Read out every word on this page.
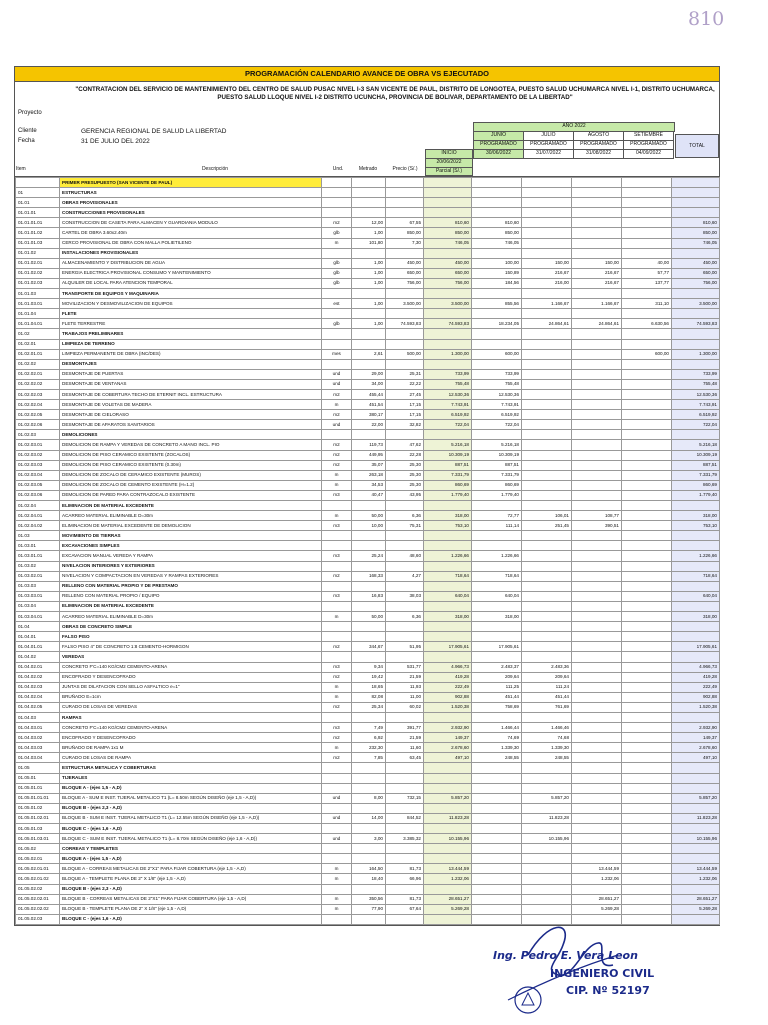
810
PROGRAMACIÓN CALENDARIO AVANCE DE OBRA VS EJECUTADO
Proyecto
"CONTRATACION DEL SERVICIO DE MANTENIMIENTO DEL CENTRO DE SALUD PUSAC NIVEL I-3 SAN VICENTE DE PAUL, DISTRITO DE LONGOTEA, PUESTO SALUD UCHUMARCA NIVEL I-1, DISTRITO UCHUMARCA, PUESTO SALUD LLOQUE NIVEL I-2 DISTRITO UCUNCHA, PROVINCIA DE BOLIVAR, DEPARTAMENTO DE LA LIBERTAD"
Cliente	GERENCIA REGIONAL DE SALUD LA LIBERTAD
Fecha	31 DE JULIO DEL 2022
AÑO 2022
JUNIO	JULIO	AGOSTO	SETIEMBRE
PROGRAMADO	PROGRAMADO	PROGRAMADO	PROGRAMADO	TOTAL
INICIO	30/06/2022	31/07/2022	31/08/2022	04/09/2022
20/06/2022
Item	Descripción	Und.	Metrado	Precio (S/.)	Parcial (S/.)
	PRIMER PRESUPUESTO (SAN VICENTE DE PAUL)									
01	ESTRUCTURAS									
01.01	OBRAS PROVISIONALES									
01.01.01	CONSTRUCCIONES PROVISIONALES									
01.01.01.01	CONSTRUCCION DE CASETA PARA ALMACEN Y GUARDIANIA MODULO	m2	12,00	67,55	810,60	810,60				810,60
01.01.01.02	CARTEL DE OBRA 3.60x2.40m	glb	1,00	850,00	850,00	850,00				850,00
01.01.01.03	CERCO PROVISIONAL DE OBRA CON MALLA POLIETILENO	m	101,80	7,30	746,05	746,05				746,05
01.01.02	INSTALACIONES PROVISIONALES									
01.01.02.01	ALMACENAMIENTO Y DISTRIBUCION DE AGUA	glb	1,00	450,00	450,00	100,00	150,00	150,00	40,00	450,00
01.01.02.02	ENERGIA ELECTRICA PROVISIONAL CONSUMO Y MANTENIMIENTO	glb	1,00	650,00	650,00	150,89	216,67	216,67	57,77	650,00
01.01.02.03	ALQUILER DE LOCAL PARA ATENCION TEMPORAL	glb	1,00	756,00	756,00	184,56	216,00	216,67	137,77	756,00
01.01.03	TRANSPORTE DE EQUIPOS Y MAQUINARIA									
01.01.03.01	MOVILIZACION Y DESMOVILIZACION DE EQUIPOS	est	1,00	3.500,00	3.500,00	855,56	1.166,67	1.166,67	311,10	3.500,00
01.01.04	FLETE									
01.01.04.01	FLETE TERRESTRE	glb	1,00	74.593,83	74.593,83	18.234,05	24.864,61	24.864,61	6.630,56	74.593,83
01.02	TRABAJOS PRELIMINARES									
01.02.01	LIMPIEZA DE TERRENO									
01.02.01.01	LIMPIEZA PERMANENTE DE OBRA (INC/DES)	mes	2,61	500,00	1.300,00	600,00			600,00	1.300,00
01.02.02	DESMONTAJES									
01.02.02.01	DESMONTAJE DE PUERTAS	und	29,00	25,31	733,99	733,99				733,99
01.02.02.02	DESMONTAJE DE VENTANAS	und	34,00	22,22	755,48	755,48				755,48
01.02.02.03	DESMONTAJE DE COBERTURA TECHO DE ETERNIT INCL. ESTRUCTURA	m2	455,44	27,45	12.530,36	12.530,36				12.530,36
01.02.02.04	DESMONTAJE DE VOLETAS DE MADERA	m	451,54	17,15	7.743,91	7.743,91				7.743,91
01.02.02.05	DESMONTAJE DE CIELORASO	m2	380,17	17,15	6.519,92	6.519,92				6.519,92
01.02.02.06	DESMONTAJE DE APARATOS SANITARIOS	und	22,00	32,82	722,04	722,04				722,04
01.02.03	DEMOLICIONES									
01.02.03.01	DEMOLICION DE RAMPA Y VEREDAS DE CONCRETO A MANO INCL. PIO	m2	119,73	47,62	5.216,18	5.216,18				5.216,18
01.02.03.02	DEMOLICION DE PISO CERAMICO EXISTENTE (ZOCALOS)	m2	449,95	22,28	10.309,19	10.309,19				10.309,19
01.02.03.03	DEMOLICION DE PISO CERAMICO EXISTENTE (0.30m)	m2	35,07	25,30	887,51	887,51				887,51
01.02.03.04	DEMOLICION DE ZOCALO DE CERAMICO EXISTENTE (MUROS)	m	263,18	25,30	7.331,79	7.331,79				7.331,79
01.02.03.05	DEMOLICION DE ZOCALO DE CEMENTO EXISTENTE (H=1.2)	m	34,53	25,30	860,69	860,69				860,69
01.02.03.06	DEMOLICION DE PARED PARA CONTRAZOCALO EXISTENTE	m3	40,47	43,95	1.779,40	1.779,40				1.779,40
01.02.04	ELIMINACION DE MATERIAL EXCEDENTE									
01.02.04.01	ACARREO MATERIAL ELIMINABLE D=30m	m	50,00	6,36	318,00	72,77	106,01	108,77		318,00
01.02.04.02	ELIMINACION DE MATERIAL EXCEDENTE DE DEMOLICION	m3	10,00	75,31	753,10	111,14	251,45	390,51		753,10
01.03	MOVIMIENTO DE TIERRAS									
01.03.01	EXCAVACIONES SIMPLES									
01.03.01.01	EXCAVACION MANUAL VEREDA Y RAMPA	m3	25,24	48,60	1.226,66	1.226,66				1.226,66
01.03.02	NIVELACION INTERIORES Y EXTERIORES									
01.03.02.01	NIVELACION Y COMPACTACION EN VEREDAS Y RAMPAS EXTERIORES	m2	168,33	4,27	718,64	718,64				718,64
01.03.03	RELLENO CON MATERIAL PROPIO Y DE PRESTAMO									
01.03.03.01	RELLENO CON MATERIAL PROPIO / EQUIPO	m3	16,83	38,03	640,04	640,04				640,04
01.03.04	ELIMINACION DE MATERIAL EXCEDENTE									
01.03.04.01	ACARREO MATERIAL ELIMINABLE D=30m	m	50,00	6,36	318,00	318,00				318,00
01.04	OBRAS DE CONCRETO SIMPLE									
01.04.01	FALSO PISO									
01.04.01.01	FALSO PISO 4" DE CONCRETO 1:8 CEMENTO-HORMIGON	m2	344,67	51,95	17.905,61	17.905,61				17.905,61
01.04.02	VEREDAS									
01.04.02.01	CONCRETO F'C=140 KG/CM2 CEMENTO-ARENA	m3	9,34	531,77	4.966,73	2.483,37	2.483,36			4.966,73
01.04.02.02	ENCOFRADO Y DESENCOFRADO	m2	19,42	21,59	419,28	209,64	209,64			419,28
01.04.02.03	JUNTAS DE DILATACION CON SELLO ASFALTICO e=1"	m	18,65	11,93	222,49	111,25	111,24			222,49
01.04.02.04	BRUÑADO E=1cm	m	82,08	11,00	902,88	451,44	451,44			902,88
01.04.02.05	CURADO DE LOSAS DE VEREDAS	m2	25,34	60,02	1.520,38	758,69	761,69			1.520,38
01.04.03	RAMPAS									
01.04.03.01	CONCRETO F'C=140 KG/CM2 CEMENTO-ARENA	m3	7,49	391,77	2.932,90	1.466,44	1.466,46			2.932,90
01.04.03.02	ENCOFRADO Y DESENCOFRADO	m2	6,92	21,59	149,37	74,69	74,68			149,37
01.04.03.03	BRUÑADO DE RAMPA 1x1 M	m	232,30	11,60	2.678,60	1.339,30	1.339,30			2.678,60
01.04.03.04	CURADO DE LOSAS DE RAMPA	m2	7,85	63,45	497,10	248,55	248,55			497,10
01.05	ESTRUCTURA METALICA Y COBERTURAS									
01.05.01	TIJERALES									
01.05.01.01	BLOQUE A - (ejes 1,5 - A,D)									
01.05.01.01.01	BLOQUE A - SUM E INST. TIJERAL METALICO T1 (L= 8.50m SEGÚN DISEÑO (eje 1,5 - A,D))	und	8,00	732,15	5.857,20		5.857,20			5.857,20
01.05.01.02	BLOQUE B - (ejes 2,3 - A,D)									
01.05.01.02.01	BLOQUE B - SUM E INST. TIJERAL METALICO T1 (L= 12.55m SEGÚN DISEÑO (eje 1,5 - A,D))	und	14,00	844,52	11.823,28		11.823,28			11.823,28
01.05.01.03	BLOQUE C - (ejes 1,6 - A,D)									
01.05.01.03.01	BLOQUE C - SUM E INST. TIJERAL METALICO T1 (L= 8.70m SEGÚN DISEÑO (eje 1,6 - A,D))	und	3,00	3.385,32	10.155,96		10.155,96			10.155,96
01.05.02	CORREAS Y TEMPLETES									
01.05.02.01	BLOQUE A - (ejes 1,5 - A,D)									
01.05.02.01.01	BLOQUE A - CORREAS METALICAS DE 2"X1" PARA FIJAR COBERTURA (eje 1,5 - A,D)	m	164,50	81,73	13.444,59			13.444,59		13.444,59
01.05.02.01.02	BLOQUE A - TEMPLETE PLANA DE 2" X 1/8" (eje 1,5 - A,D)	m	18,40	66,96	1.232,06			1.232,06		1.232,06
01.05.02.02	BLOQUE B - (ejes 2,3 - A,D)									
01.05.02.02.01	BLOQUE B - CORREAS METALICAS DE 2"X1" PARA FIJAR COBERTURA (eje 1,5 - A,D)	m	350,56	81,73	28.651,27			28.651,27		28.651,27
01.05.02.02.02	BLOQUE B - TEMPLETE PLANA DE 2" X 1/8" (eje 1,5 - A,D)	m	77,90	67,64	5.269,28			5.269,28		5.269,28
01.05.02.03	BLOQUE C - (ejes 1,6 - A,D)									
Ing. Pedro E. Vera Leon
INGENIERO CIVIL
CIP. Nº 52197
